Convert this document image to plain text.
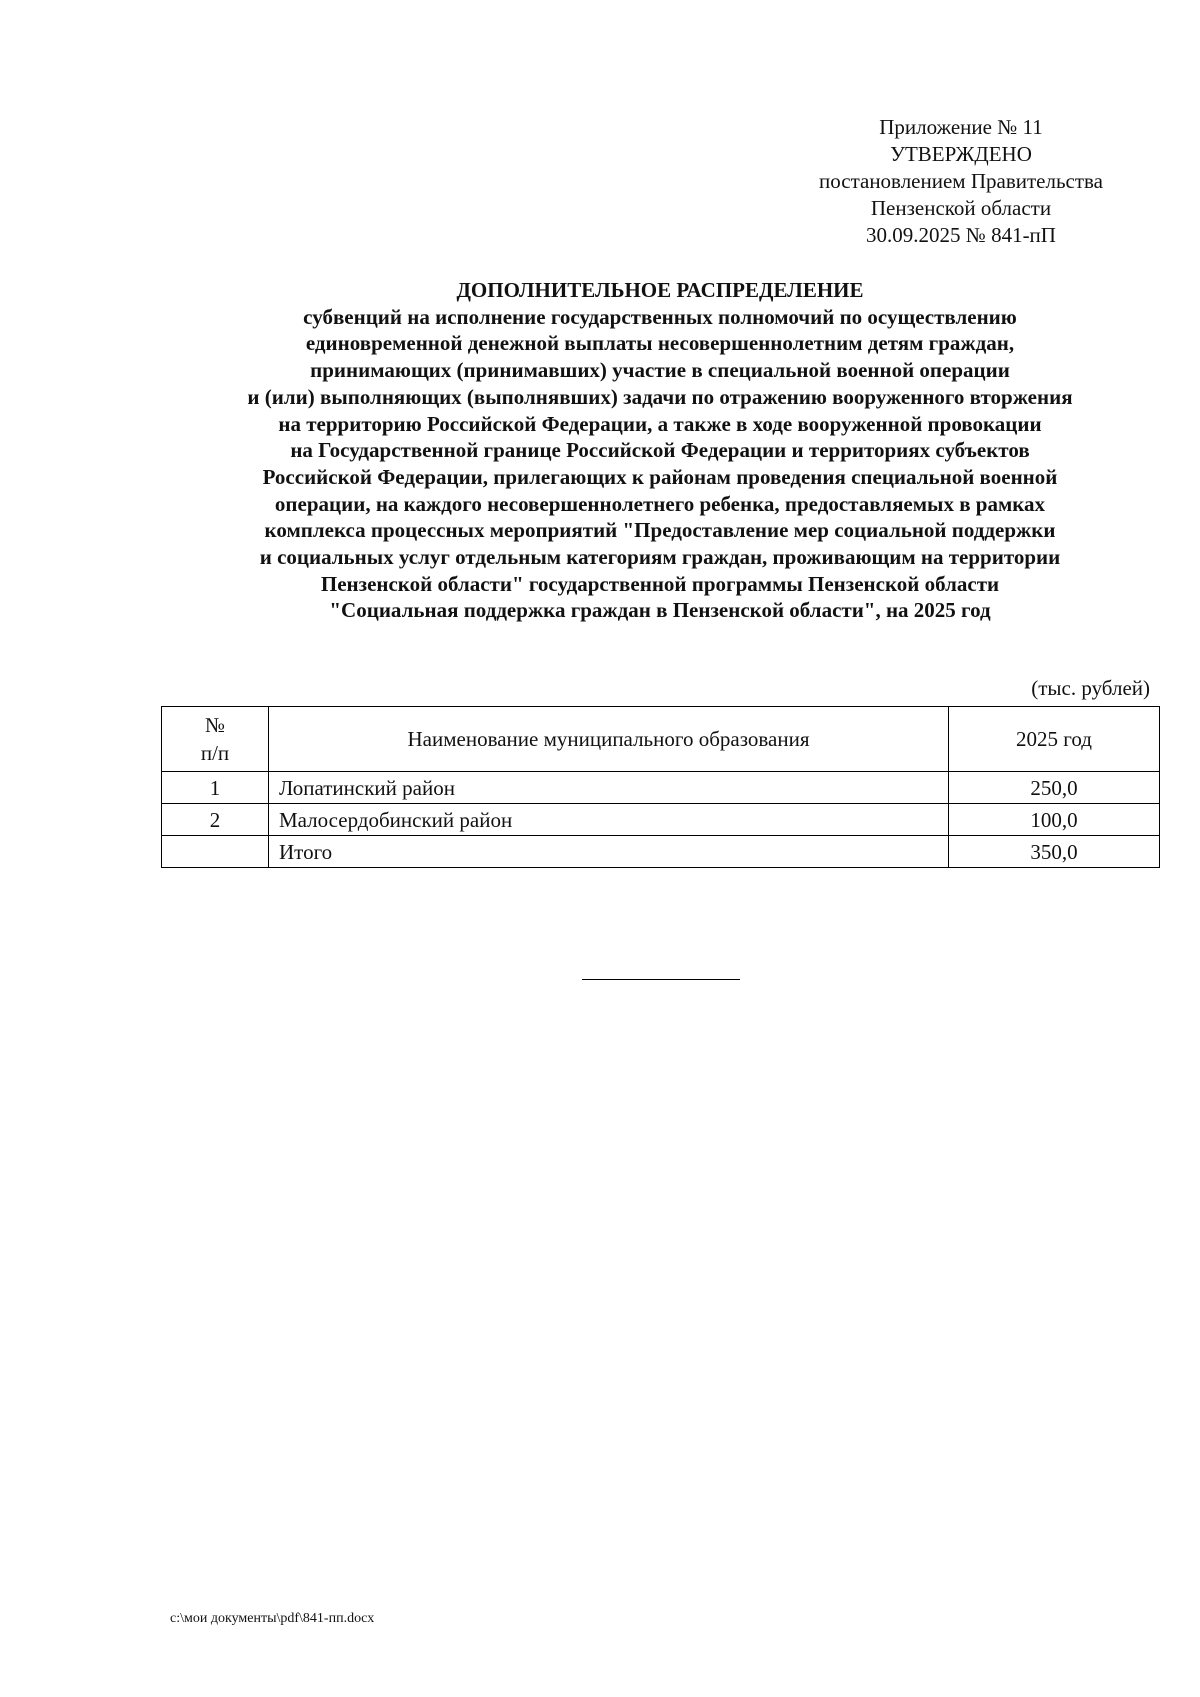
Приложение № 11
УТВЕРЖДЕНО
постановлением Правительства
Пензенской области
30.09.2025 № 841-пП
ДОПОЛНИТЕЛЬНОЕ РАСПРЕДЕЛЕНИЕ
субвенций на исполнение государственных полномочий по осуществлению
единовременной денежной выплаты несовершеннолетним детям граждан,
принимающих (принимавших) участие в специальной военной операции
и (или) выполняющих (выполнявших) задачи по отражению вооруженного вторжения
на территорию Российской Федерации, а также в ходе вооруженной провокации
на Государственной границе Российской Федерации и территориях субъектов
Российской Федерации, прилегающих к районам проведения специальной военной
операции, на каждого несовершеннолетнего ребенка, предоставляемых в рамках
комплекса процессных мероприятий "Предоставление мер социальной поддержки
и социальных услуг отдельным категориям граждан, проживающим на территории
Пензенской области" государственной программы Пензенской области
"Социальная поддержка граждан в Пензенской области", на 2025 год
(тыс. рублей)
№
п/п	Наименование муниципального образования	2025 год
1	Лопатинский район	250,0
2	Малосердобинский район	100,0
	Итого	350,0
c:\мои документы\pdf\841-пп.docx
